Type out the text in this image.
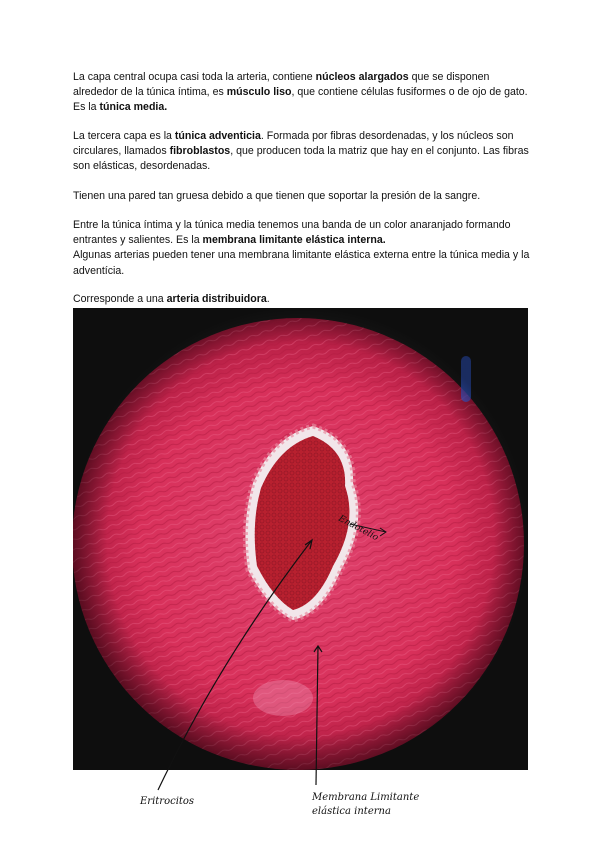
La capa central ocupa casi toda la arteria, contiene núcleos alargados que se disponen alrededor de la túnica íntima, es músculo liso, que contiene células fusiformes o de ojo de gato. Es la túnica media.

La tercera capa es la túnica adventicia. Formada por fibras desordenadas, y los núcleos son circulares, llamados fibroblastos, que producen toda la matriz que hay en el conjunto. Las fibras son elásticas, desordenadas.

Tienen una pared tan gruesa debido a que tienen que soportar la presión de la sangre.

Entre la túnica íntima y la túnica media tenemos una banda de un color anaranjado formando entrantes y salientes. Es la membrana limitante elástica interna.
Algunas arterias pueden tener una membrana limitante elástica externa entre la túnica media y la adventícia.

Corresponde a una arteria distribuidora.

Endotelio
Eritrocitos	Membrana Limitante
elástica interna
